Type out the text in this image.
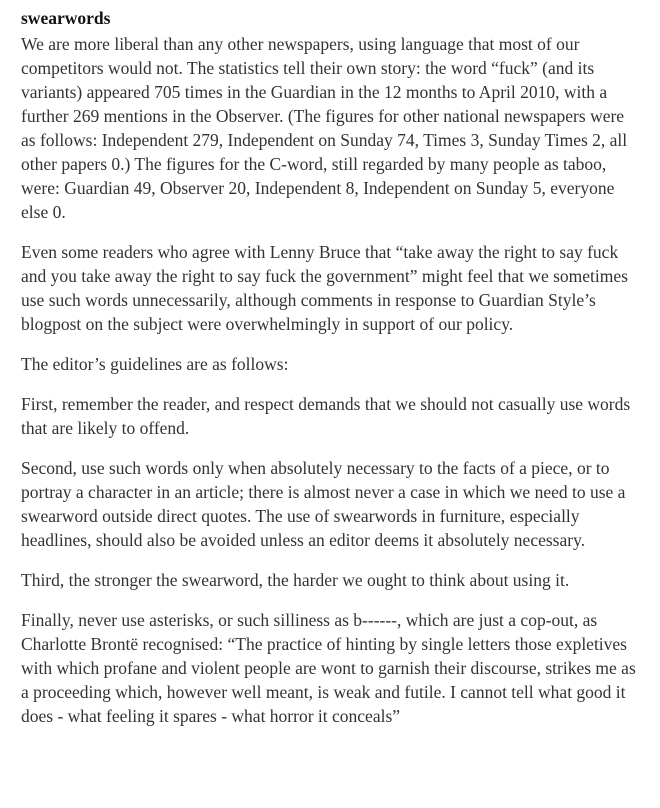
swearwords

We are more liberal than any other newspapers, using language that most of our competitors would not. The statistics tell their own story: the word “fuck” (and its variants) appeared 705 times in the Guardian in the 12 months to April 2010, with a further 269 mentions in the Observer. (The figures for other national newspapers were as follows: Independent 279, Independent on Sunday 74, Times 3, Sunday Times 2, all other papers 0.) The figures for the C-word, still regarded by many people as taboo, were: Guardian 49, Observer 20, Independent 8, Independent on Sunday 5, everyone else 0.

Even some readers who agree with Lenny Bruce that “take away the right to say fuck and you take away the right to say fuck the government” might feel that we sometimes use such words unnecessarily, although comments in response to Guardian Style’s blogpost on the subject were overwhelmingly in support of our policy.

The editor’s guidelines are as follows:

First, remember the reader, and respect demands that we should not casually use words that are likely to offend.

Second, use such words only when absolutely necessary to the facts of a piece, or to portray a character in an article; there is almost never a case in which we need to use a swearword outside direct quotes. The use of swearwords in furniture, especially headlines, should also be avoided unless an editor deems it absolutely necessary.

Third, the stronger the swearword, the harder we ought to think about using it.

Finally, never use asterisks, or such silliness as b------, which are just a cop-out, as Charlotte Brontë recognised: “The practice of hinting by single letters those expletives with which profane and violent people are wont to garnish their discourse, strikes me as a proceeding which, however well meant, is weak and futile. I cannot tell what good it does - what feeling it spares - what horror it conceals”
